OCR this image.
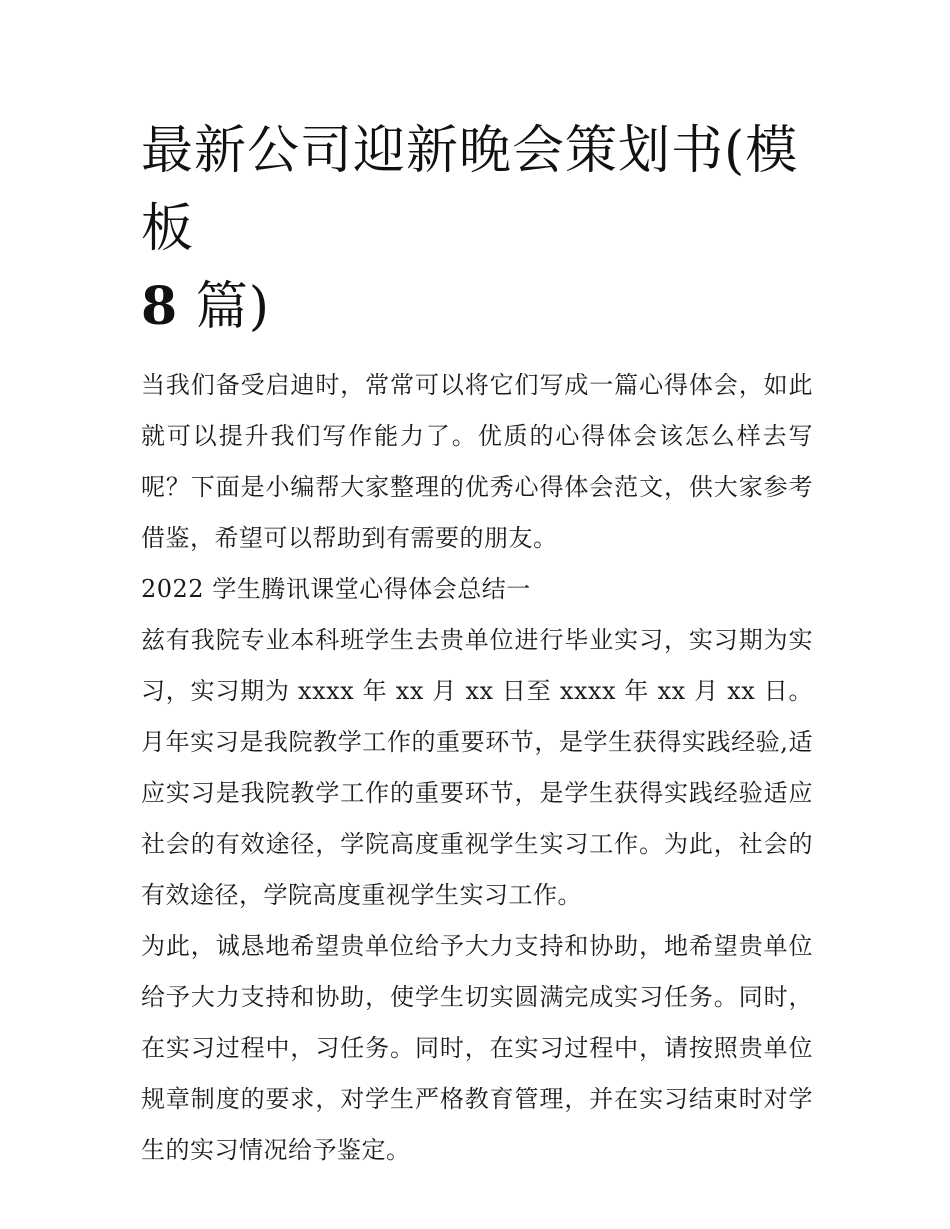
最新公司迎新晚会策划书(模板
8 篇)

当我们备受启迪时，常常可以将它们写成一篇心得体会，如此就可以提升我们写作能力了。优质的心得体会该怎么样去写呢？下面是小编帮大家整理的优秀心得体会范文，供大家参考借鉴，希望可以帮助到有需要的朋友。

2022 学生腾讯课堂心得体会总结一

兹有我院专业本科班学生去贵单位进行毕业实习，实习期为实习，实习期为 xxxx 年 xx 月 xx 日至 xxxx 年 xx 月 xx 日。月年实习是我院教学工作的重要环节，是学生获得实践经验,适应实习是我院教学工作的重要环节，是学生获得实践经验适应社会的有效途径，学院高度重视学生实习工作。为此，社会的有效途径，学院高度重视学生实习工作。

为此，诚恳地希望贵单位给予大力支持和协助，地希望贵单位给予大力支持和协助，使学生切实圆满完成实习任务。同时，在实习过程中，习任务。同时，在实习过程中，请按照贵单位规章制度的要求，对学生严格教育管理，并在实习结束时对学生的实习情况给予鉴定。
